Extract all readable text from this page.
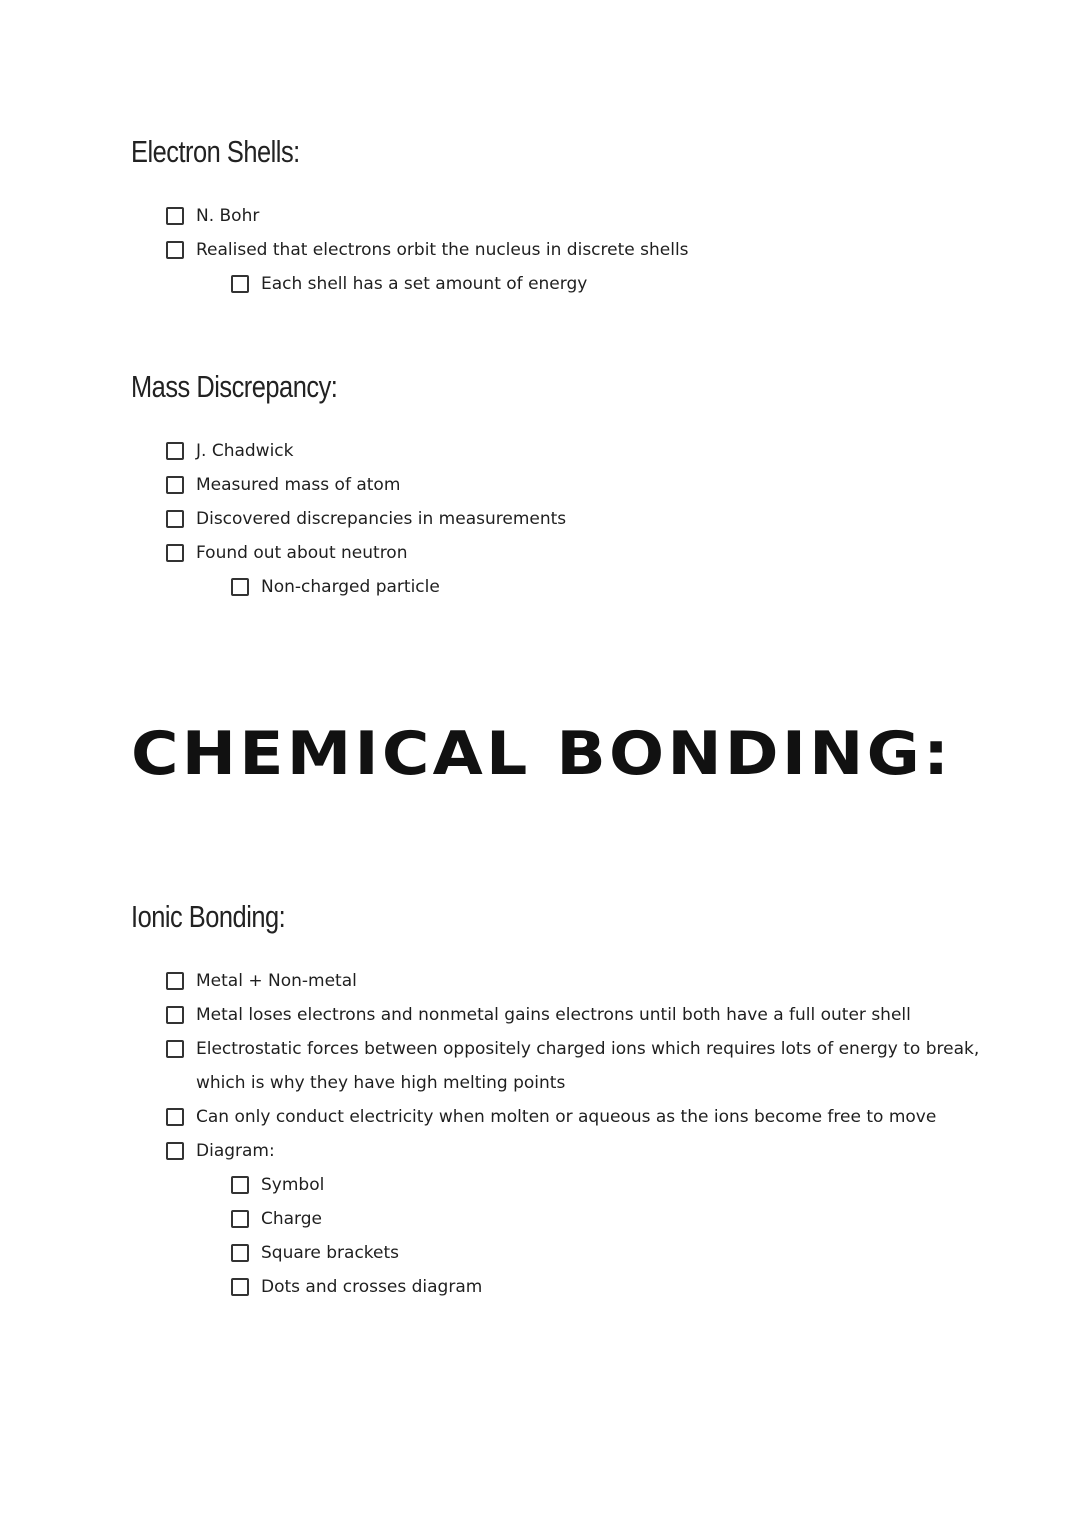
Electron Shells:
N. Bohr
Realised that electrons orbit the nucleus in discrete shells
Each shell has a set amount of energy
Mass Discrepancy:
J. Chadwick
Measured mass of atom
Discovered discrepancies in measurements
Found out about neutron
Non-charged particle
CHEMICAL BONDING:
Ionic Bonding:
Metal + Non-metal
Metal loses electrons and nonmetal gains electrons until both have a full outer shell
Electrostatic forces between oppositely charged ions which requires lots of energy to break,
which is why they have high melting points
Can only conduct electricity when molten or aqueous as the ions become free to move
Diagram:
Symbol
Charge
Square brackets
Dots and crosses diagram
